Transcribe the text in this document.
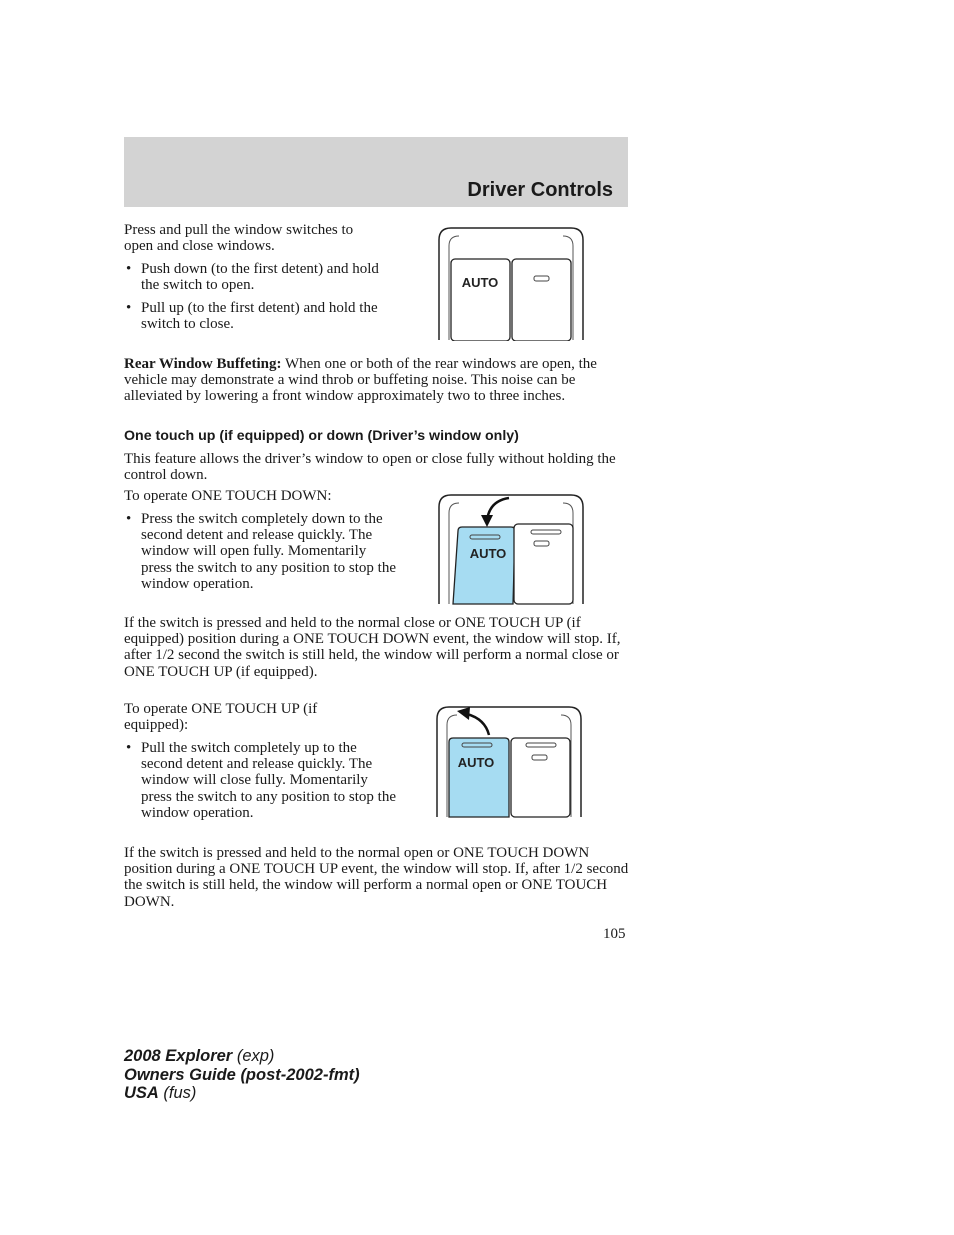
Driver Controls

Press and pull the window switches to open and close windows.

• Push down (to the first detent) and hold the switch to open.
• Pull up (to the first detent) and hold the switch to close.
AUTO

Rear Window Buffeting: When one or both of the rear windows are open, the vehicle may demonstrate a wind throb or buffeting noise. This noise can be alleviated by lowering a front window approximately two to three inches.

One touch up (if equipped) or down (Driver’s window only)

This feature allows the driver’s window to open or close fully without holding the control down.

To operate ONE TOUCH DOWN:

• Press the switch completely down to the second detent and release quickly. The window will open fully. Momentarily press the switch to any position to stop the window operation.

If the switch is pressed and held to the normal close or ONE TOUCH UP (if equipped) position during a ONE TOUCH DOWN event, the window will stop. If, after 1/2 second the switch is still held, the window will perform a normal close or ONE TOUCH UP (if equipped).

AUTO

To operate ONE TOUCH UP (if equipped):

• Pull the switch completely up to the second detent and release quickly. The window will close fully. Momentarily press the switch to any position to stop the window operation.
AUTO

If the switch is pressed and held to the normal open or ONE TOUCH DOWN position during a ONE TOUCH UP event, the window will stop. If, after 1/2 second the switch is still held, the window will perform a normal open or ONE TOUCH DOWN.

105
2008 Explorer (exp)
Owners Guide (post-2002-fmt)
USA (fus)
